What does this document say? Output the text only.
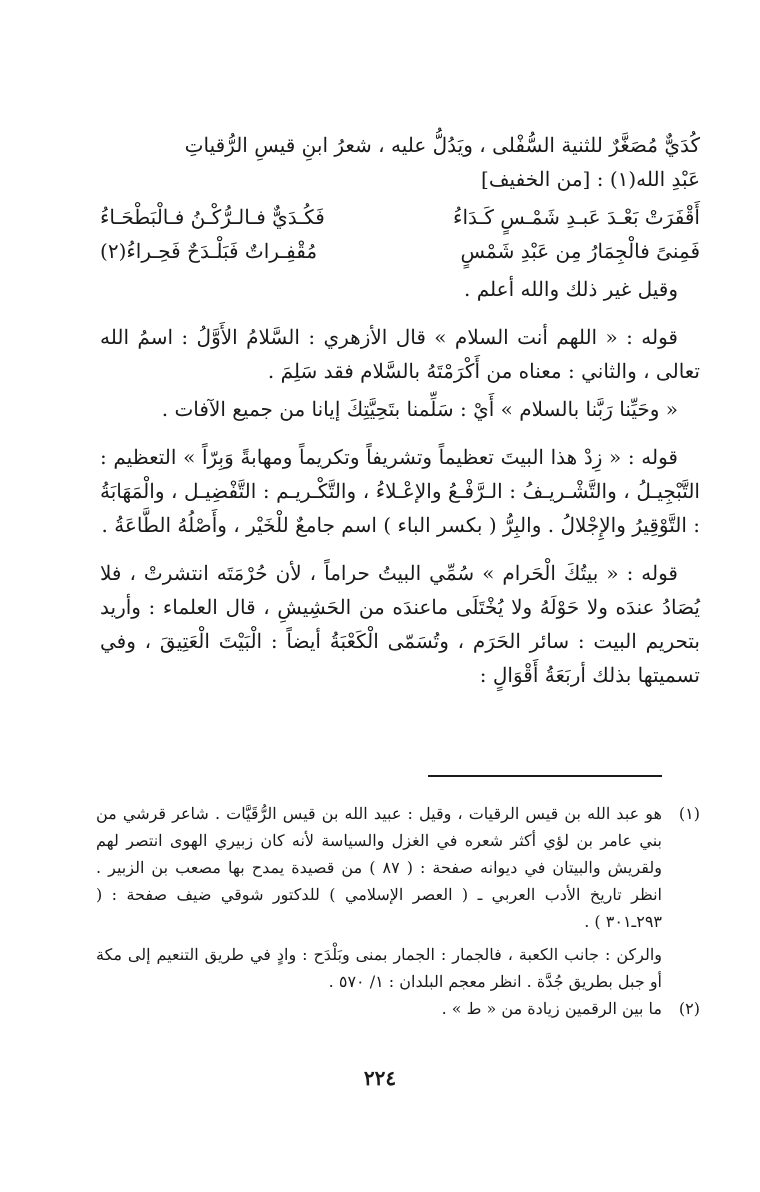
كُدَيٌّ مُصَغَّرٌ للثنية السُّفْلى ، ويَدُلُّ عليه ، شعرُ ابنِ قيسِ الرُّقياتِ

عَبْدِ الله(١) : [من الخفيف]

أَقْفَرَتْ بَعْـدَ عَبـدِ شَمْـسٍ كَـدَاءُ
فَكُـدَيٌّ فـالـرُّكْـنُ فـالْبَطْحَـاءُ
فَمِنىً فالْجِمَارُ مِن عَبْدِ شَمْسٍ
مُقْفِـراتٌ فَبَلْـدَحٌ فَحِـراءُ(٢)

وقيل غير ذلك والله أعلم .

قوله : « اللهم أنت السلام » قال الأزهري : السَّلامُ الأَوَّلُ : اسمُ الله تعالى ، والثاني : معناه من أَكْرَمْتَهُ بالسَّلام فقد سَلِمَ .

« وحَيِّنا رَبَّنا بالسلام » أَيْ : سَلِّمنا بتَحِيَّتِكَ إيانا من جميع الآفات .

قوله : « زِدْ هذا البيتَ تعظيماً وتشريفاً وتكريماً ومهابةً وَبِرّاً » التعظيم : التَّبْجِيـلُ ، والتَّشْـريـفُ : الـرَّفْـعُ والإعْـلاءُ ، والتَّكْـريـم : التَّفْضِيـل ، والْمَهَابَةُ : التَّوْقِيرُ والإِجْلالُ . والبِرُّ ( بكسر الباء ) اسم جامعٌ للْخَيْر ، وأَصْلُهُ الطَّاعَةُ .

قوله : « بيتُكَ الْحَرام » سُمِّي البيتُ حراماً ، لأن حُرْمَتَه انتشرتْ ، فلا يُصَادُ عندَه ولا حَوْلَهُ ولا يُخْتَلَى ماعندَه من الحَشِيشِ ، قال العلماء : وأريد بتحريم البيت : سائر الحَرَم ، وتُسَمّى الْكَعْبَةُ أيضاً : الْبَيْتَ الْعَتِيقَ ، وفي تسميتها بذلك أربَعَةُ أَقْوَالٍ :

(١)

هو عبد الله بن قيس الرقيات ، وقيل : عبيد الله بن قيس الرُّقَيَّات . شاعر قرشي من بني عامر بن لؤي أكثر شعره في الغزل والسياسة لأنه كان زبيري الهوى انتصر لهم ولقريش والبيتان في ديوانه صفحة : ( ٨٧ ) من قصيدة يمدح بها مصعب بن الزبير . انظر تاريخ الأدب العربي ـ ( العصر الإسلامي ) للدكتور شوقي ضيف صفحة : ( ٢٩٣ـ٣٠١ ) .

والركن : جانب الكعبة ، فالجمار : الجمار بمنى وبَلْدَح : وادٍ في طريق التنعيم إلى مكة أو جبل بطريق جُدَّة . انظر معجم البلدان : ١/ ٥٧٠ .

(٢)

ما بين الرقمين زيادة من « ط » .

٢٢٤
